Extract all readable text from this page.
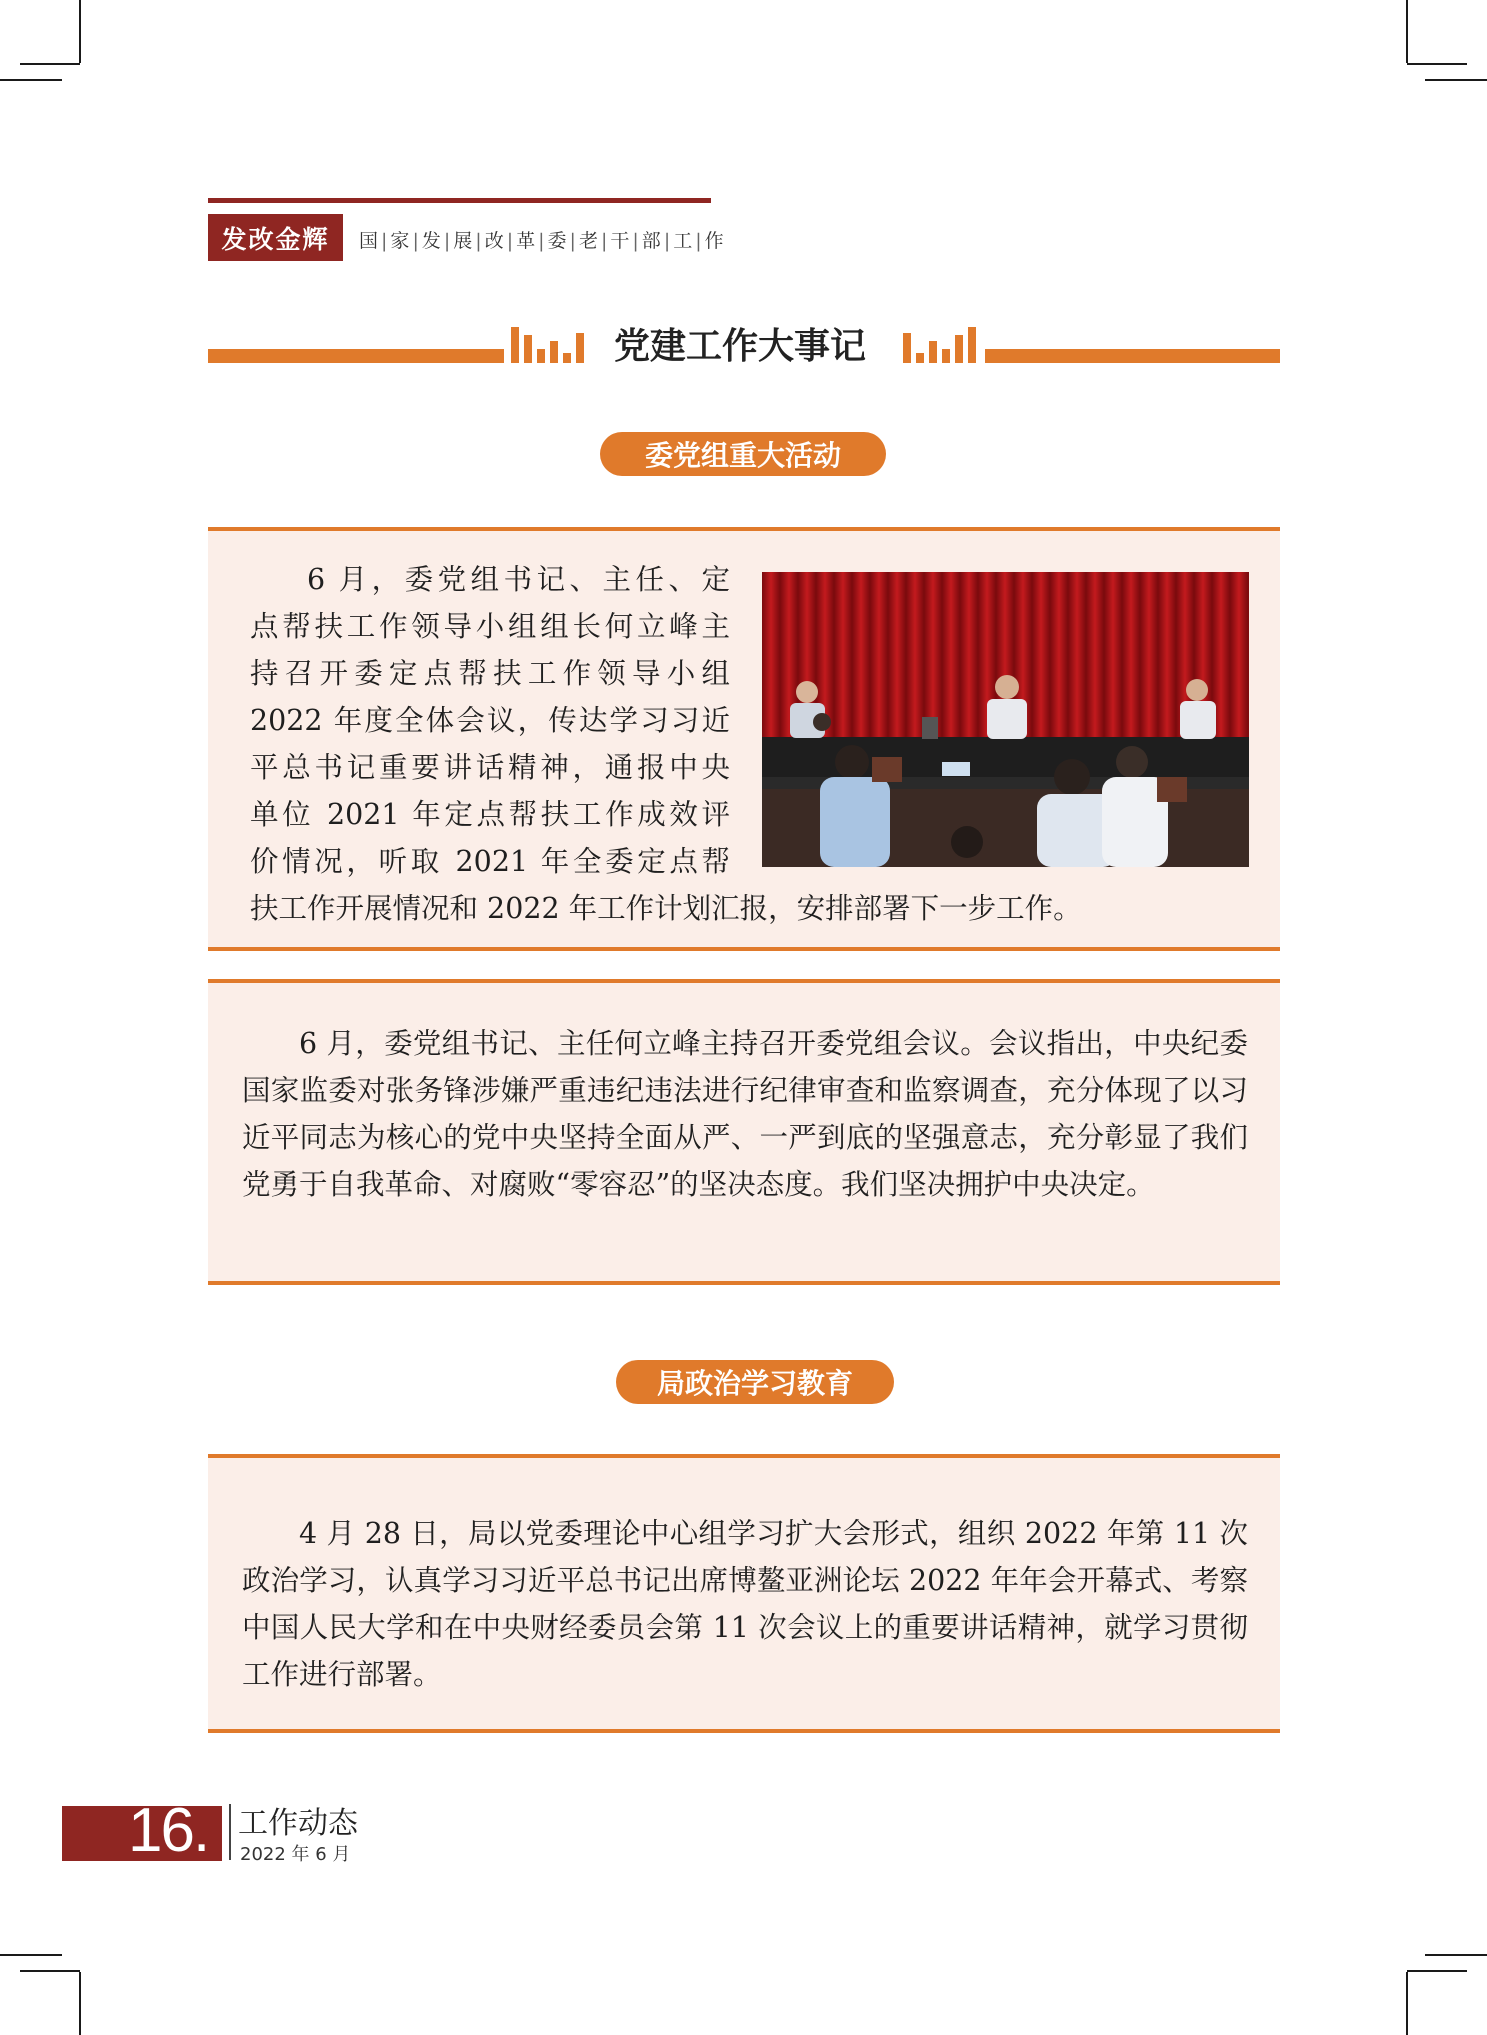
发改金辉	国 | 家 | 发 | 展 | 改 | 革 | 委 | 老 | 干 | 部 | 工 | 作
党建工作大事记
委党组重大活动
6 月，委党组书记、主任、定
点帮扶工作领导小组组长何立峰主
持召开委定点帮扶工作领导小组
2022 年度全体会议，传达学习习近
平总书记重要讲话精神，通报中央
单位 2021 年定点帮扶工作成效评
价情况，听取 2021 年全委定点帮
扶工作开展情况和 2022 年工作计划汇报，安排部署下一步工作。
6 月，委党组书记、主任何立峰主持召开委党组会议。会议指出，中央纪委国家监委对张务锋涉嫌严重违纪违法进行纪律审查和监察调查，充分体现了以习近平同志为核心的党中央坚持全面从严、一严到底的坚强意志，充分彰显了我们党勇于自我革命、对腐败“零容忍”的坚决态度。我们坚决拥护中央决定。
局政治学习教育
4 月 28 日，局以党委理论中心组学习扩大会形式，组织 2022 年第 11 次政治学习，认真学习习近平总书记出席博鳌亚洲论坛 2022 年年会开幕式、考察中国人民大学和在中央财经委员会第 11 次会议上的重要讲话精神，就学习贯彻工作进行部署。
16. 工作动态
2022 年 6 月
